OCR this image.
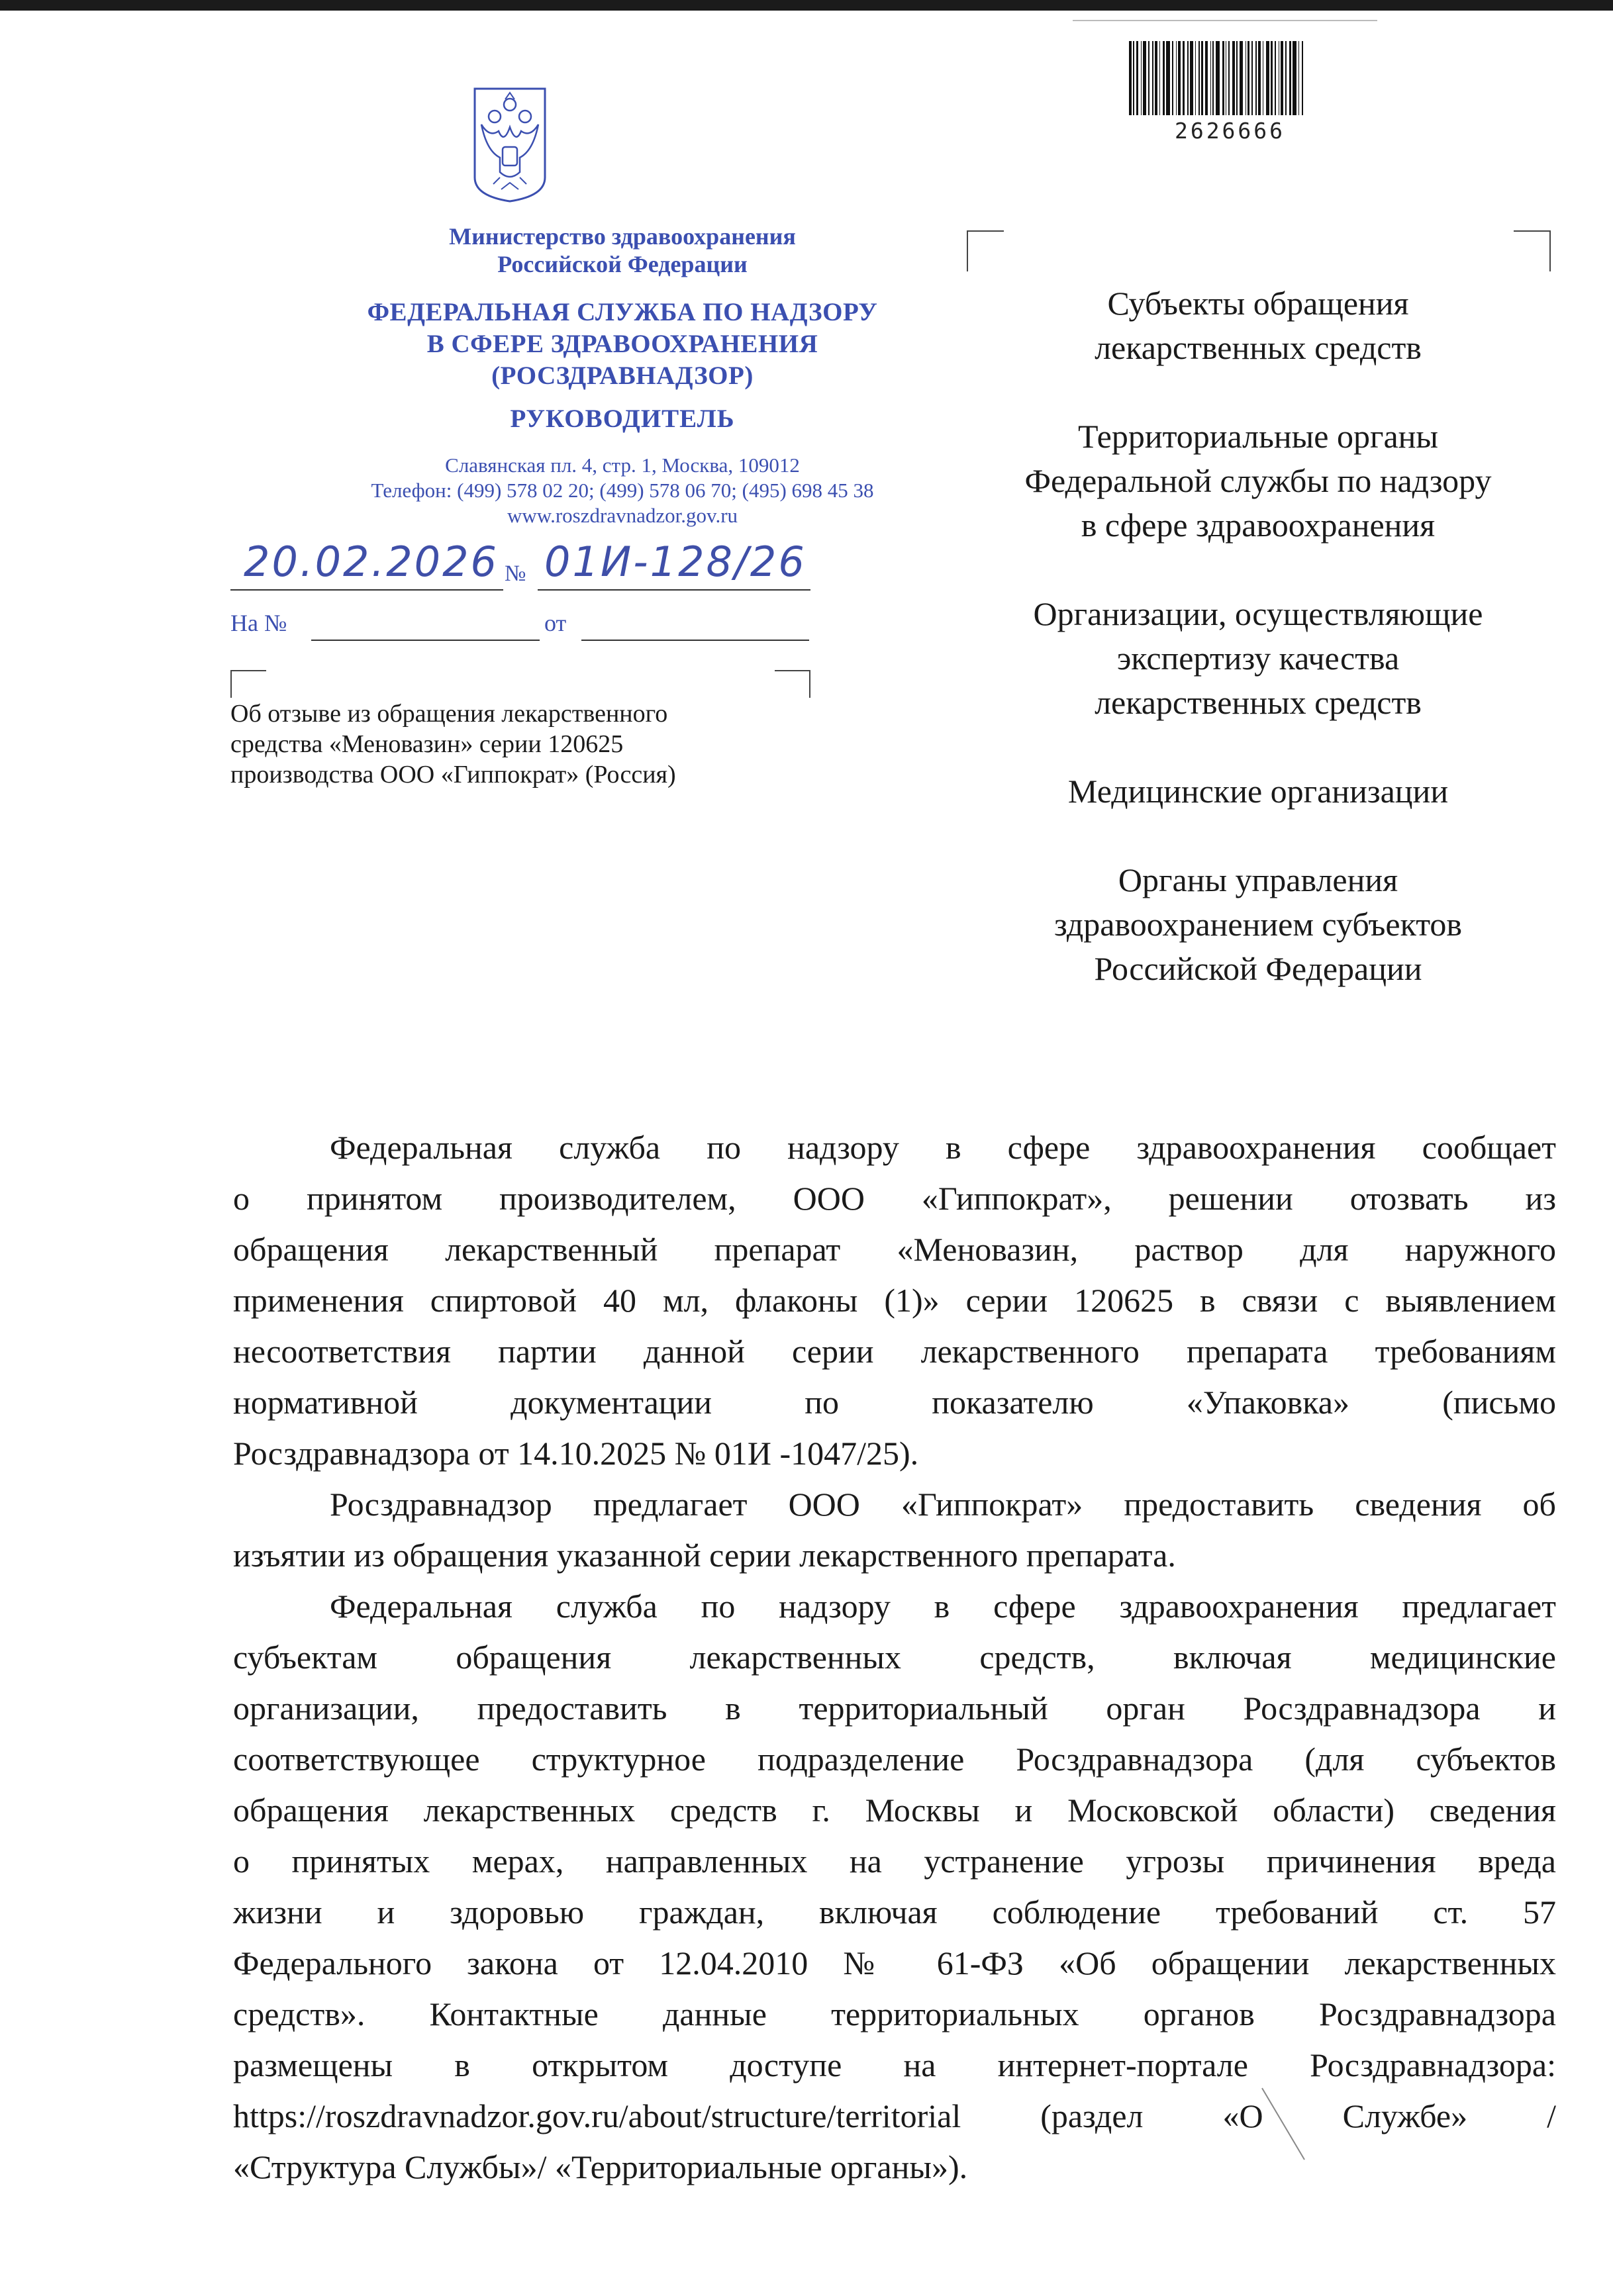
2626666
Министерство здравоохранения
Российской Федерации
ФЕДЕРАЛЬНАЯ СЛУЖБА ПО НАДЗОРУ
В СФЕРЕ ЗДРАВООХРАНЕНИЯ
(РОСЗДРАВНАДЗОР)
РУКОВОДИТЕЛЬ
Славянская пл. 4, стр. 1, Москва, 109012
Телефон: (499) 578 02 20; (499) 578 06 70; (495) 698 45 38
www.roszdravnadzor.gov.ru
20.02.2026 № 01И-128/26
На №	от
Об отзыве из обращения лекарственного
средства «Меновазин» серии 120625
производства ООО «Гиппократ» (Россия)
Субъекты обращения
лекарственных средств
Территориальные органы
Федеральной службы по надзору
в сфере здравоохранения
Организации, осуществляющие
экспертизу качества
лекарственных средств
Медицинские организации
Органы управления
здравоохранением субъектов
Российской Федерации
Федеральная служба по надзору в сфере здравоохранения сообщает
о принятом производителем, ООО «Гиппократ», решении отозвать из
обращения лекарственный препарат «Меновазин, раствор для наружного
применения спиртовой 40 мл, флаконы (1)» серии 120625 в связи с выявлением
несоответствия партии данной серии лекарственного препарата требованиям
нормативной документации по показателю «Упаковка» (письмо
Росздравнадзора от 14.10.2025 № 01И -1047/25).
Росздравнадзор предлагает ООО «Гиппократ» предоставить сведения об
изъятии из обращения указанной серии лекарственного препарата.
Федеральная служба по надзору в сфере здравоохранения предлагает
субъектам обращения лекарственных средств, включая медицинские
организации, предоставить в территориальный орган Росздравнадзора и
соответствующее структурное подразделение Росздравнадзора (для субъектов
обращения лекарственных средств г. Москвы и Московской области) сведения
о принятых мерах, направленных на устранение угрозы причинения вреда
жизни и здоровью граждан, включая соблюдение требований ст. 57
Федерального закона от 12.04.2010 № 61-ФЗ «Об обращении лекарственных
средств». Контактные данные территориальных органов Росздравнадзора
размещены в открытом доступе на интернет-портале Росздравнадзора:
https://roszdravnadzor.gov.ru/about/structure/territorial (раздел «О Службе» /
«Структура Службы»/ «Территориальные органы»).
